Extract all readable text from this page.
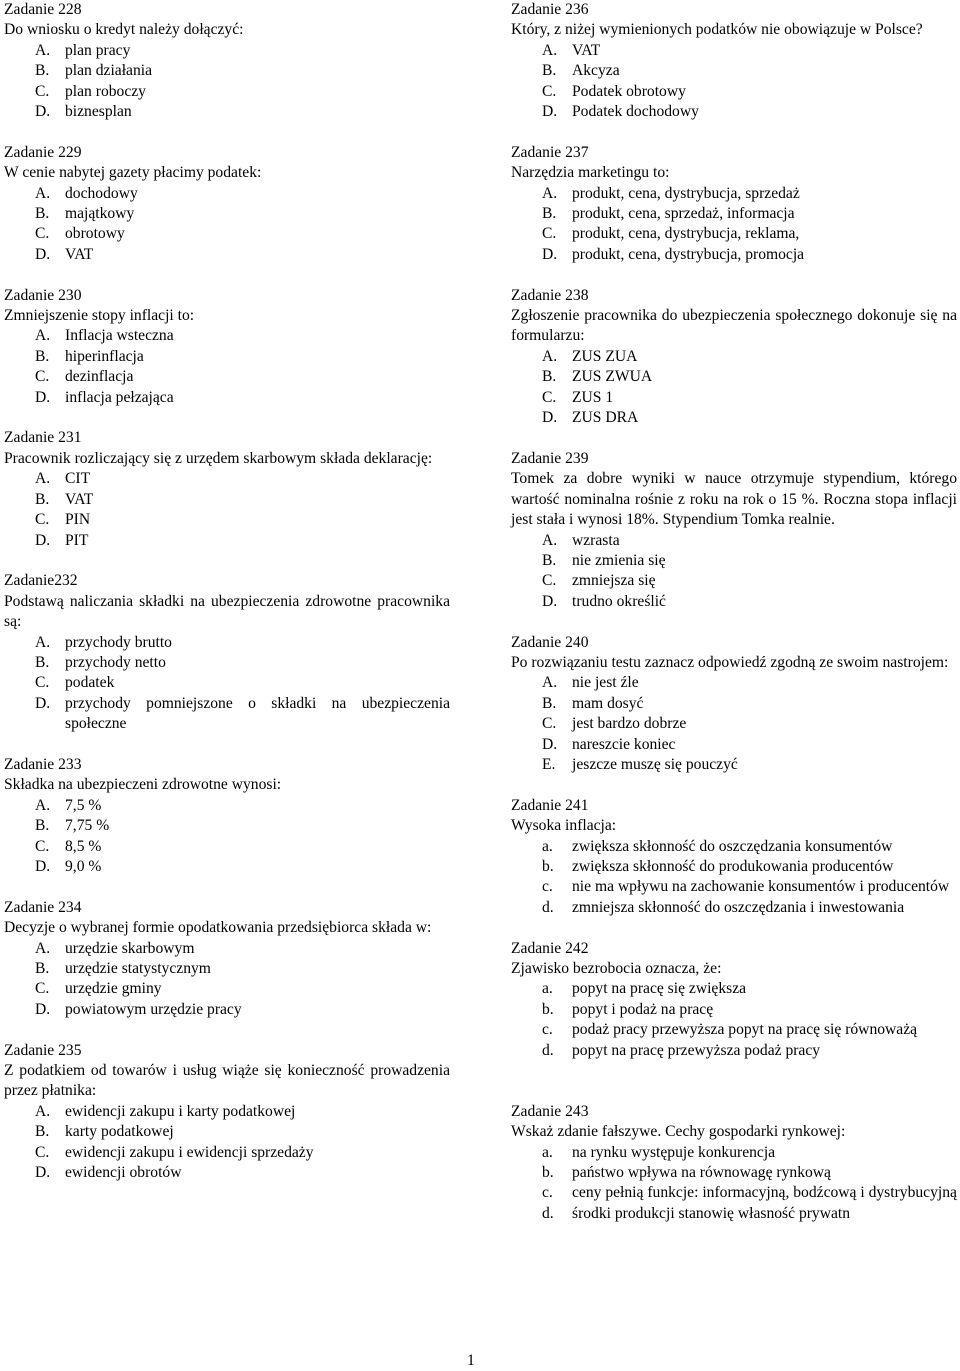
Zadanie 228

Do wniosku o kredyt należy dołączyć:

A. plan pracy
B.	plan działania
C.	plan roboczy
D. biznesplan

Zadanie 229

W cenie nabytej gazety płacimy podatek:

A. dochodowy
B.	majątkowy
C.	obrotowy
D. VAT

Zadanie 230

Zmniejszenie stopy inflacji to:

A. Inflacja wsteczna
B.	hiperinflacja
C.	dezinflacja
D. inflacja pełzająca

Zadanie 231

Pracownik rozliczający się z urzędem skarbowym składa deklarację:

A. CIT
B.	VAT
C.	PIN
D. PIT

Zadanie232

Podstawą naliczania składki na ubezpieczenia zdrowotne pracownika są:

A. przychody brutto
B.	przychody netto
C.	podatek
D. przychody pomniejszone o składki na ubezpieczenia społeczne

Zadanie 233

Składka na ubezpieczeni zdrowotne wynosi:

A. 7,5 %
B.	7,75 %
C.	8,5 %
D. 9,0 %

Zadanie 234

Decyzje o wybranej formie opodatkowania przedsiębiorca składa w:

A. urzędzie skarbowym
B.	urzędzie statystycznym
C.	urzędzie gminy
D. powiatowym urzędzie pracy

Zadanie 235

Z podatkiem od towarów i usług wiąże się konieczność prowadzenia przez płatnika:

A. ewidencji zakupu i karty podatkowej
B.	karty podatkowej
C.	ewidencji zakupu i ewidencji sprzedaży
D. ewidencji obrotów

Zadanie 236

Który, z niżej wymienionych podatków nie obowiązuje w Polsce?

A. VAT
B.	Akcyza
C.	Podatek obrotowy
D. Podatek dochodowy

Zadanie 237

Narzędzia marketingu to:

A. produkt, cena, dystrybucja, sprzedaż
B.	produkt, cena, sprzedaż, informacja
C.	produkt, cena, dystrybucja, reklama,
D. produkt, cena, dystrybucja, promocja

Zadanie 238

Zgłoszenie pracownika do ubezpieczenia społecznego dokonuje się na formularzu:

A. ZUS ZUA
B.	ZUS ZWUA
C.	ZUS 1
D. ZUS DRA

Zadanie 239

Tomek za dobre wyniki w nauce otrzymuje stypendium, którego wartość nominalna rośnie z roku na rok o 15 %. Roczna stopa inflacji jest stała i wynosi 18%. Stypendium Tomka realnie.

A. wzrasta
B.	nie zmienia się
C.	zmniejsza się
D. trudno określić

Zadanie 240

Po rozwiązaniu testu zaznacz odpowiedź zgodną ze swoim nastrojem:

A. nie jest źle
B.	mam dosyć
C.	jest bardzo dobrze
D. nareszcie koniec
E.	jeszcze muszę się pouczyć

Zadanie 241

Wysoka inflacja:

a.	zwiększa skłonność do oszczędzania konsumentów
b.	zwiększa skłonność do produkowania producentów
c.	nie ma wpływu na zachowanie konsumentów i producentów
d.	zmniejsza skłonność do oszczędzania i inwestowania

Zadanie 242

Zjawisko bezrobocia oznacza, że:

a.	popyt na pracę się zwiększa
b.	popyt i podaż na pracę
c.	podaż pracy przewyższa popyt na pracę się równoważą
d.	popyt na pracę przewyższa podaż pracy

Zadanie 243

Wskaż zdanie fałszywe. Cechy gospodarki rynkowej:

a.	na rynku występuje konkurencja
b.	państwo wpływa na równowagę rynkową
c.	ceny pełnią funkcje: informacyjną, bodźcową i dystrybucyjną
d.	środki produkcji stanowię własność prywatn
1
